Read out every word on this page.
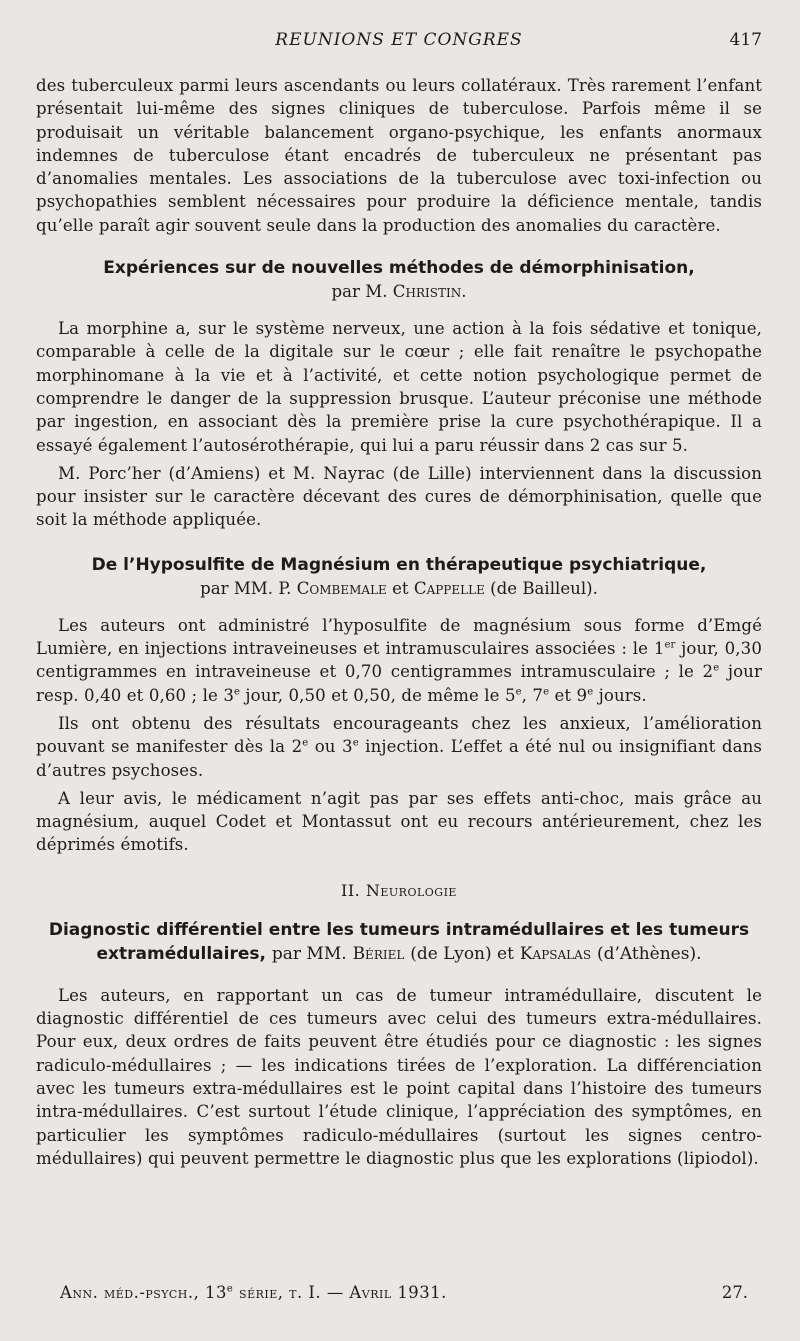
REUNIONS ET CONGRES	417

des tuberculeux parmi leurs ascendants ou leurs collatéraux. Très rarement l’enfant présentait lui-même des signes cliniques de tuberculose. Parfois même il se produisait un véritable balancement organo-psychique, les enfants anormaux indemnes de tuberculose étant encadrés de tuberculeux ne présentant pas d’anomalies mentales. Les associations de la tuberculose avec toxi-infection ou psychopathies semblent nécessaires pour produire la déficience mentale, tandis qu’elle paraît agir souvent seule dans la production des anomalies du caractère.

Expériences sur de nouvelles méthodes de démorphinisation,
par M. Christin.

La morphine a, sur le système nerveux, une action à la fois sédative et tonique, comparable à celle de la digitale sur le cœur ; elle fait renaître le psychopathe morphinomane à la vie et à l’activité, et cette notion psychologique permet de comprendre le danger de la suppression brusque. L’auteur préconise une méthode par ingestion, en associant dès la première prise la cure psychothérapique. Il a essayé également l’autosérothérapie, qui lui a paru réussir dans 2 cas sur 5.

M. Porc’her (d’Amiens) et M. Nayrac (de Lille) interviennent dans la discussion pour insister sur le caractère décevant des cures de démorphinisation, quelle que soit la méthode appliquée.

De l’Hyposulfite de Magnésium en thérapeutique psychiatrique,
par MM. P. Combemale et Cappelle (de Bailleul).

Les auteurs ont administré l’hyposulfite de magnésium sous forme d’Emgé Lumière, en injections intraveineuses et intramusculaires associées : le 1er jour, 0,30 centigrammes en intraveineuse et 0,70 centigrammes intramusculaire ; le 2e jour resp. 0,40 et 0,60 ; le 3e jour, 0,50 et 0,50, de même le 5e, 7e et 9e jours.

Ils ont obtenu des résultats encourageants chez les anxieux, l’amélioration pouvant se manifester dès la 2e ou 3e injection. L’effet a été nul ou insignifiant dans d’autres psychoses.

A leur avis, le médicament n’agit pas par ses effets anti-choc, mais grâce au magnésium, auquel Codet et Montassut ont eu recours antérieurement, chez les déprimés émotifs.

II. Neurologie
Diagnostic différentiel entre les tumeurs intramédullaires et les tumeurs
extramédullaires, par MM. Bériel (de Lyon) et Kapsalas (d’Athènes).

Les auteurs, en rapportant un cas de tumeur intramédullaire, discutent le diagnostic différentiel de ces tumeurs avec celui des tumeurs extra-médullaires. Pour eux, deux ordres de faits peuvent être étudiés pour ce diagnostic : les signes radiculo-médullaires ; — les indications tirées de l’exploration. La différenciation avec les tumeurs extra-médullaires est le point capital dans l’histoire des tumeurs intra-médullaires. C’est surtout l’étude clinique, l’appréciation des symptômes, en particulier les symptômes radiculo-médullaires (surtout les signes centro-médullaires) qui peuvent permettre le diagnostic plus que les explorations (lipiodol).

Ann. méd.-psych., 13e série, t. I. — Avril 1931.	27.
